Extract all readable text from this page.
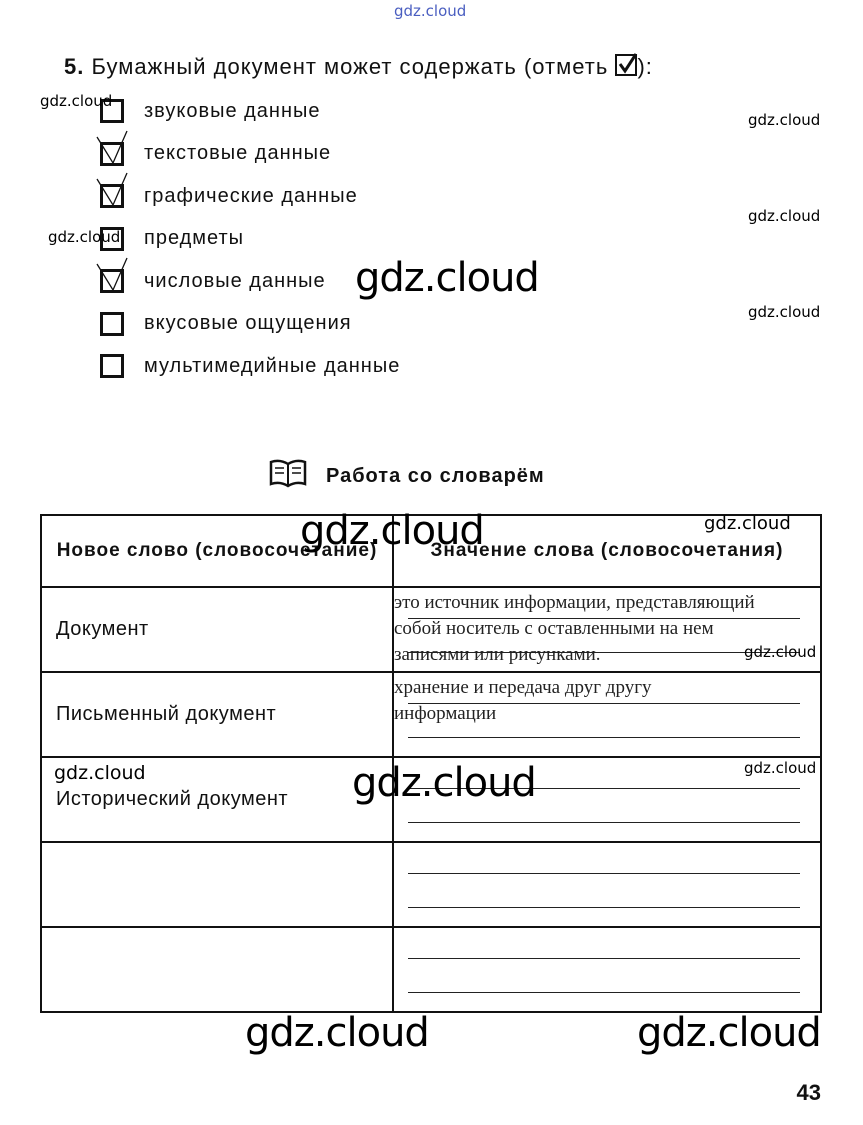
gdz.cloud
5. Бумажный документ может содержать (отметь ):
звуковые данные
текстовые данные
графические данные
предметы
числовые данные
вкусовые ощущения
мультимедийные данные
gdz.cloud
gdz.cloud
gdz.cloud
gdz.cloud
gdz.cloud
gdz.cloud
Работа со словарём
Новое слово (словосочетание)	Значение слова (словосочетания)
Документ	это источник информации, представляющий
собой носитель с оставленными на нем
записями или рисунками.

Письменный документ	хранение и передача друг другу
информации

Исторический документ	

gdz.cloud
gdz.cloud
gdz.cloud
gdz.cloud
gdz.cloud	gdz.cloud
gdz.cloud	gdz.cloud
43
